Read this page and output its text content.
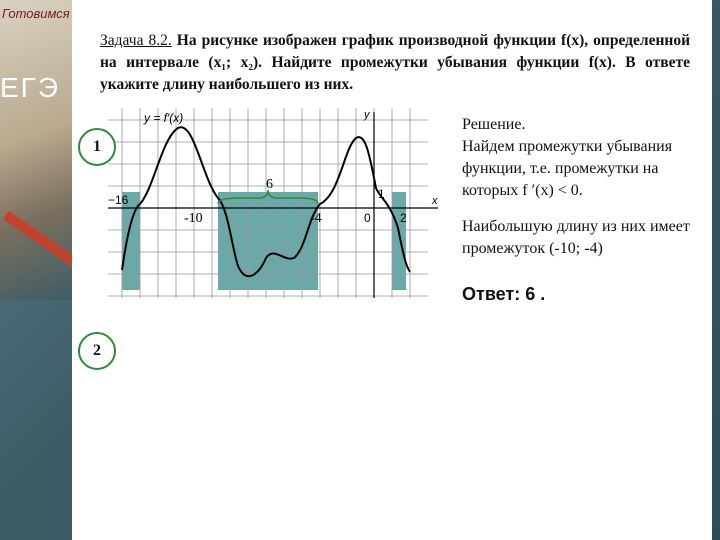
Готовимся
ЕГЭ
Задача 8.2. На рисунке изображен график производной функции f(x), определенной на интервале (x₁; x₂). Найдите промежутки убывания функции f(x). В ответе укажите длину наибольшего из них.
6
y = f′(x)	y
x
−16
-10	-4	0
1
2
1
2

Решение.

Найдем промежутки убывания функции, т.е. промежутки на которых f ′(x) < 0.

Наибольшую длину из них имеет промежуток (-10; -4)

Ответ: 6 .
